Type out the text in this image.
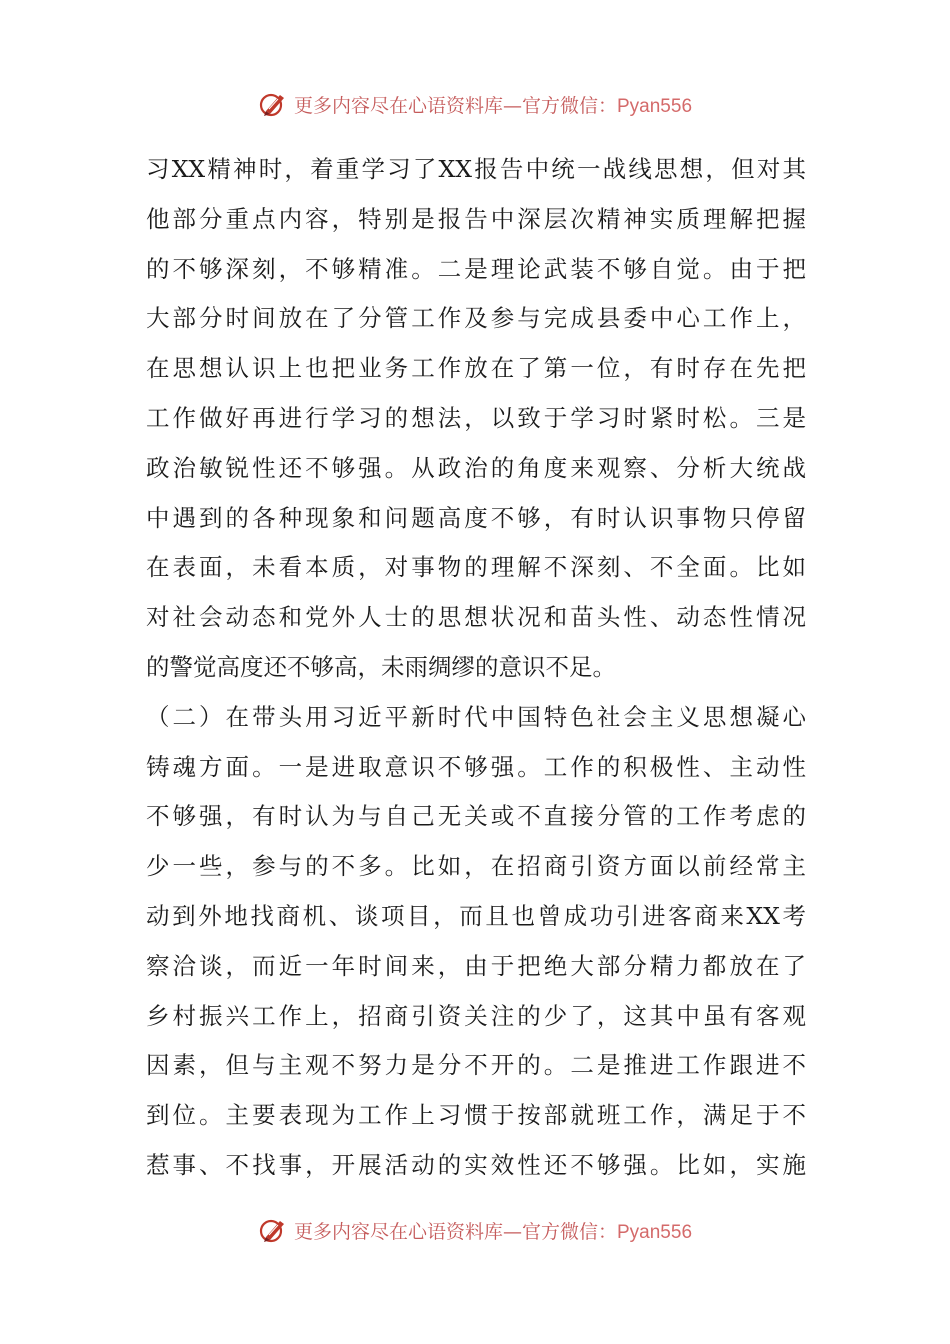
更多内容尽在心语资料库—官方微信：Pyan556
习XX精神时，着重学习了XX报告中统一战线思想，但对其
他部分重点内容，特别是报告中深层次精神实质理解把握
的不够深刻，不够精准。二是理论武装不够自觉。由于把
大部分时间放在了分管工作及参与完成县委中心工作上，
在思想认识上也把业务工作放在了第一位，有时存在先把
工作做好再进行学习的想法，以致于学习时紧时松。三是
政治敏锐性还不够强。从政治的角度来观察、分析大统战
中遇到的各种现象和问题高度不够，有时认识事物只停留
在表面，未看本质，对事物的理解不深刻、不全面。比如
对社会动态和党外人士的思想状况和苗头性、动态性情况
的警觉高度还不够高，未雨绸缪的意识不足。
（二）在带头用习近平新时代中国特色社会主义思想凝心
铸魂方面。一是进取意识不够强。工作的积极性、主动性
不够强，有时认为与自己无关或不直接分管的工作考虑的
少一些，参与的不多。比如，在招商引资方面以前经常主
动到外地找商机、谈项目，而且也曾成功引进客商来XX考
察洽谈，而近一年时间来，由于把绝大部分精力都放在了
乡村振兴工作上，招商引资关注的少了，这其中虽有客观
因素，但与主观不努力是分不开的。二是推进工作跟进不
到位。主要表现为工作上习惯于按部就班工作，满足于不
惹事、不找事，开展活动的实效性还不够强。比如，实施
更多内容尽在心语资料库—官方微信：Pyan556
